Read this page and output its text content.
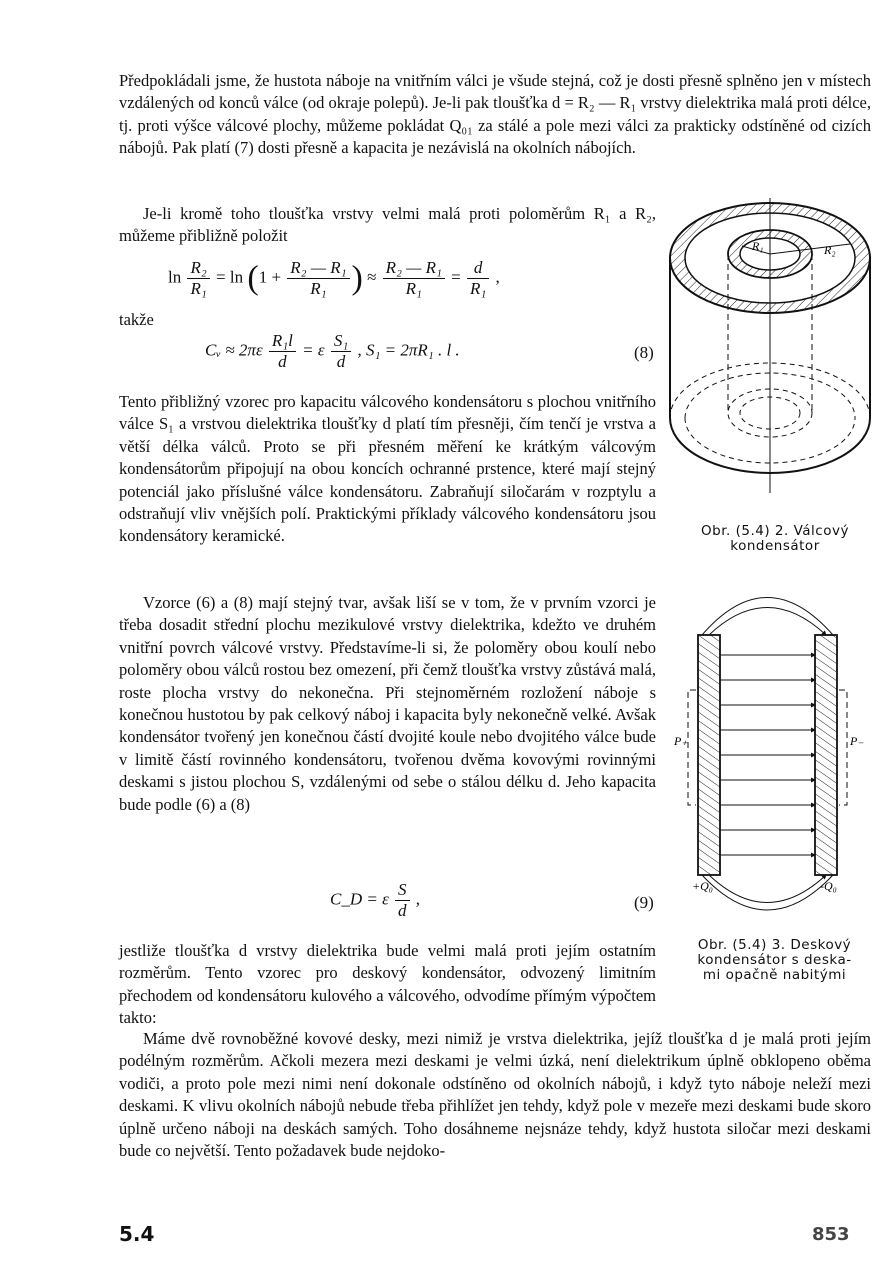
Předpokládali jsme, že hustota náboje na vnitřním válci je všude stejná, což je dosti přesně splněno jen v místech vzdálených od konců válce (od okraje polepů). Je-li pak tloušťka d = R₂ — R₁ vrstvy dielektrika malá proti délce, tj. proti výšce válcové plochy, můžeme pokládat Q₀₁ za stálé a pole mezi válci za prakticky odstíněné od cizích nábojů. Pak platí (7) dosti přesně a kapacita je nezávislá na okolních nábojích.

Je-li kromě toho tloušťka vrstvy velmi malá proti poloměrům R₁ a R₂, můžeme přibližně položit

$\ln \frac{\text{R₂}}{\text{R₁}} = \ln (1 + \frac{\text{R₂ — R₁}}{\text{R₁}}$ ) ≈ $\frac{\text{R₂ — R₁}}{\text{R₁}} = \frac{d}{\text{R₁}}$ ,

takže

Cᵥ ≈ $2\pi\varepsilon \frac{\text{R₁l}}{d} = \varepsilon \frac{\text{S₁}}{d}$ , S₁ = 2πR₁ . l .	(8)

Tento přibližný vzorec pro kapacitu válcového kondensátoru s plochou vnitřního válce S₁ a vrstvou dielektrika tloušťky d platí tím přesněji, čím tenčí je vrstva a větší délka válců. Proto se při přesném měření ke krátkým válcovým kondensátorům připojují na obou koncích ochranné prstence, které mají stejný potenciál jako příslušné válce kondensátoru. Zabraňují siločarám v rozptylu a odstraňují vliv vnějších polí. Praktickými příklady válcového kondensátoru jsou kondensátory keramické.

Vzorce (6) a (8) mají stejný tvar, avšak liší se v tom, že v prvním vzorci je třeba dosadit střední plochu mezikulové vrstvy dielektrika, kdežto ve druhém vnitřní povrch válcové vrstvy. Představíme-li si, že poloměry obou koulí nebo poloměry obou válců rostou bez omezení, při čemž tloušťka vrstvy zůstává malá, roste plocha vrstvy do nekonečna. Při stejnoměrném rozložení náboje s konečnou hustotou by pak celkový náboj i kapacita byly nekonečně velké. Avšak kondensátor tvořený jen konečnou částí dvojité koule nebo dvojitého válce bude v limitě částí rovinného kondensátoru, tvořenou dvěma kovovými rovinnými deskami s jistou plochou S, vzdálenými od sebe o stálou délku d. Jeho kapacita bude podle (6) a (8)

C_D = ε $\frac{S}{d}$ ,	(9)

jestliže tloušťka d vrstvy dielektrika bude velmi malá proti jejím ostatním rozměrům. Tento vzorec pro deskový kondensátor, odvozený limitním přechodem od kondensátoru kulového a válcového, odvodíme přímým výpočtem takto:

Máme dvě rovnoběžné kovové desky, mezi nimiž je vrstva dielektrika, jejíž tloušťka d je malá proti jejím podélným rozměrům. Ačkoli mezera mezi deskami je velmi úzká, není dielektrikum úplně obklopeno oběma vodiči, a proto pole mezi nimi není dokonale odstíněno od okolních nábojů, i když tyto náboje neleží mezi deskami. K vlivu okolních nábojů nebude třeba přihlížet jen tehdy, když pole v mezeře mezi deskami bude skoro úplně určeno náboji na deskách samých. Toho dosáhneme nejsnáze tehdy, když hustota siločar mezi deskami bude co největší. Tento požadavek bude nejdoko-

R₁	R₂
Obr. (5.4) 2. Válcový
kondensátor
P₊	P₋
+Q₀	-Q₀
Obr. (5.4) 3. Deskový
kondensátor s deska-
mi opačně nabitými
5.4	853
